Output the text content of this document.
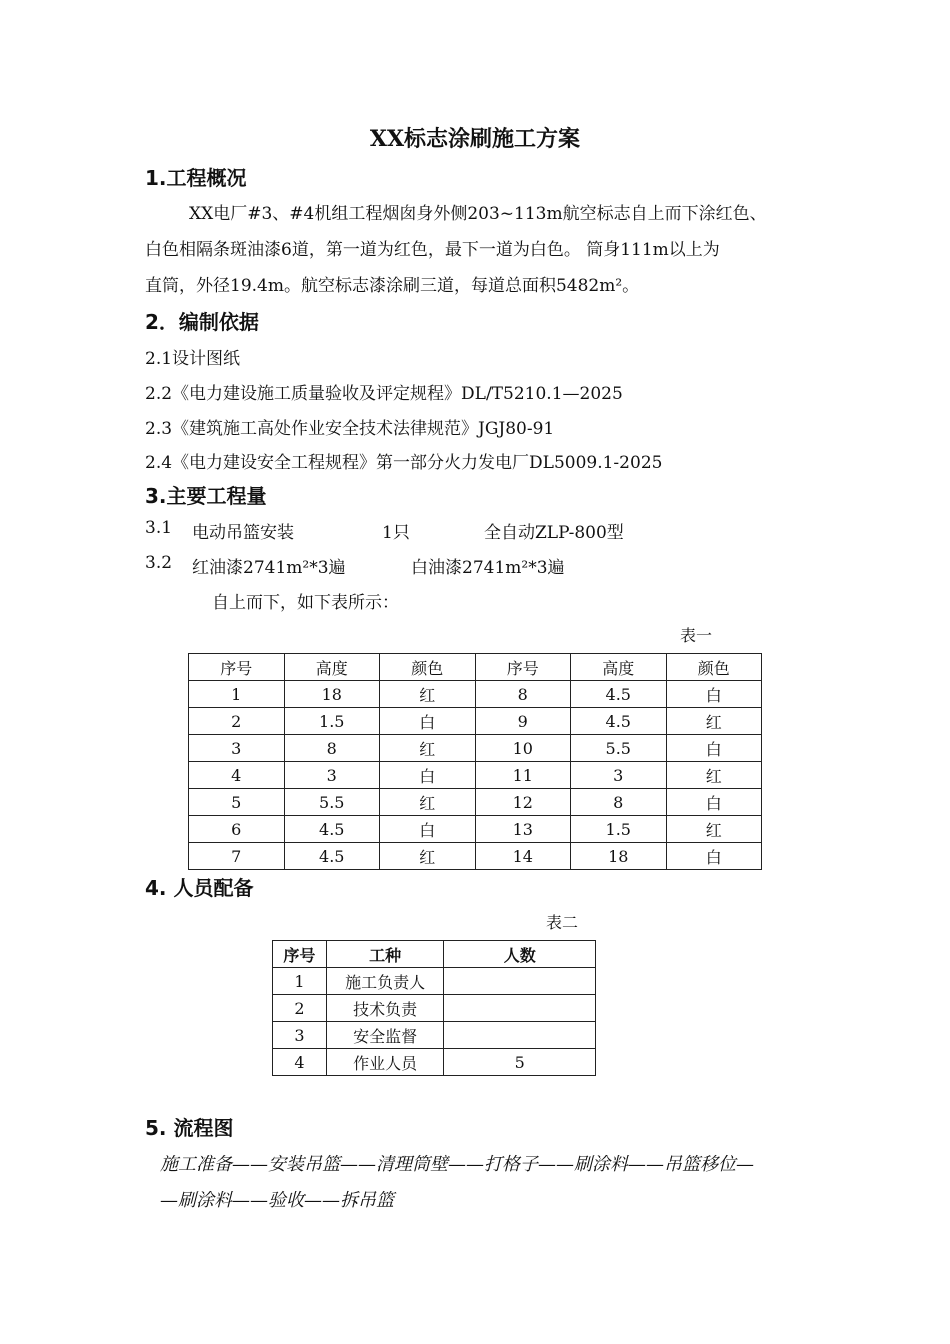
XX标志涂刷施工方案
1.工程概况
XX电厂#3、#4机组工程烟囱身外侧203~113m航空标志自上而下涂红色、
白色相隔条斑油漆6道，第一道为红色，最下一道为白色。 筒身111m以上为
直筒，外径19.4m。航空标志漆涂刷三道，每道总面积5482m²。
2．编制依据
2.1设计图纸
2.2《电力建设施工质量验收及评定规程》DL/T5210.1—2025
2.3《建筑施工高处作业安全技术法律规范》JGJ80-91
2.4《电力建设安全工程规程》第一部分火力发电厂DL5009.1-2025
3.主要工程量
3.1 电动吊篮安装	1只	全自动ZLP-800型
3.2 红油漆2741m²*3遍	白油漆2741m²*3遍
自上而下，如下表所示：
表一
序号	高度	颜色	序号	高度	颜色
1	18	红	8	4.5	白
2	1.5	白	9	4.5	红
3	8	红	10	5.5	白
4	3	白	11	3	红
5	5.5	红	12	8	白
6	4.5	白	13	1.5	红
7	4.5	红	14	18	白
4. 人员配备
表二
序号	工种	人数
1	施工负责人	
2	技术负责	
3	安全监督	
4	作业人员	5
5. 流程图
施工准备——安装吊篮——清理筒壁——打格子——刷涂料——吊篮移位—
—刷涂料——验收——拆吊篮
